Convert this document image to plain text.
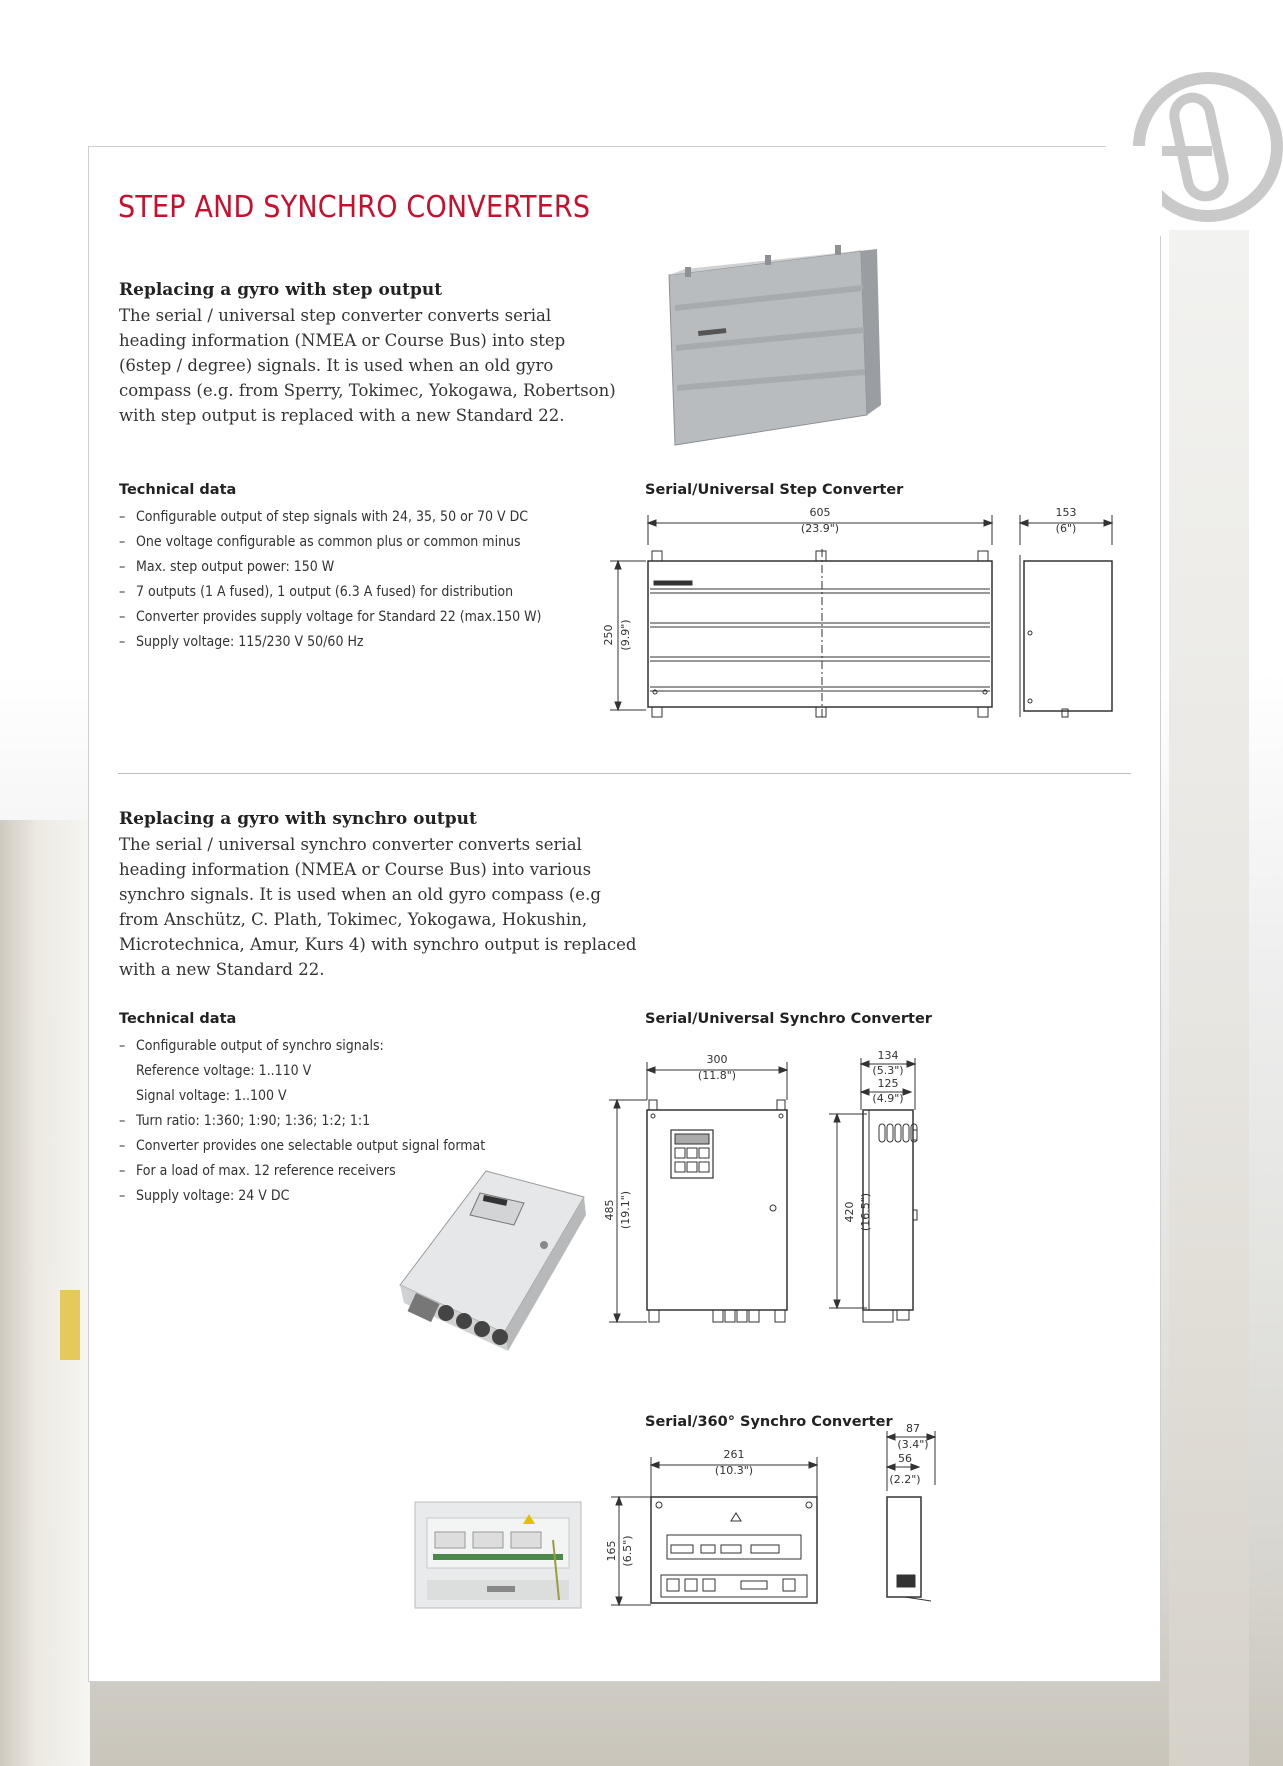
STEP AND SYNCHRO CONVERTERS
Replacing a gyro with step output

The serial / universal step converter converts serial heading information (NMEA or Course Bus) into step (6step / degree) signals. It is used when an old gyro compass (e.g. from Sperry, Tokimec, Yokogawa, Robertson) with step output is replaced with a new Standard 22.

Technical data
– Configurable output of step signals with 24, 35, 50 or 70 V DC
– One voltage configurable as common plus or common minus
– Max. step output power: 150 W
– 7 outputs (1 A fused), 1 output (6.3 A fused) for distribution
– Converter provides supply voltage for Standard 22 (max.150 W)
– Supply voltage: 115/230 V 50/60 Hz
Serial/Universal Step Converter
605
(23.9")
153
(6")
250 (9.9")
Replacing a gyro with synchro output

The serial / universal synchro converter converts serial heading information (NMEA or Course Bus) into various synchro signals. It is used when an old gyro compass (e.g from Anschütz, C. Plath, Tokimec, Yokogawa, Hokushin, Microtechnica, Amur, Kurs 4) with synchro output is replaced with a new Standard 22.

Technical data
– Configurable output of synchro signals:
Reference voltage: 1..110 V
Signal voltage: 1..100 V
– Turn ratio: 1:360; 1:90; 1:36; 1:2; 1:1
– Converter provides one selectable output signal format
– For a load of max. 12 reference receivers
– Supply voltage: 24 V DC
Serial/Universal Synchro Converter
300
(11.8")
485 (19.1")
134
(5.3")
125
(4.9")
420 (16.5")
Serial/360° Synchro Converter
261
(10.3")
165 (6.5")
87
(3.4")
56
(2.2")
